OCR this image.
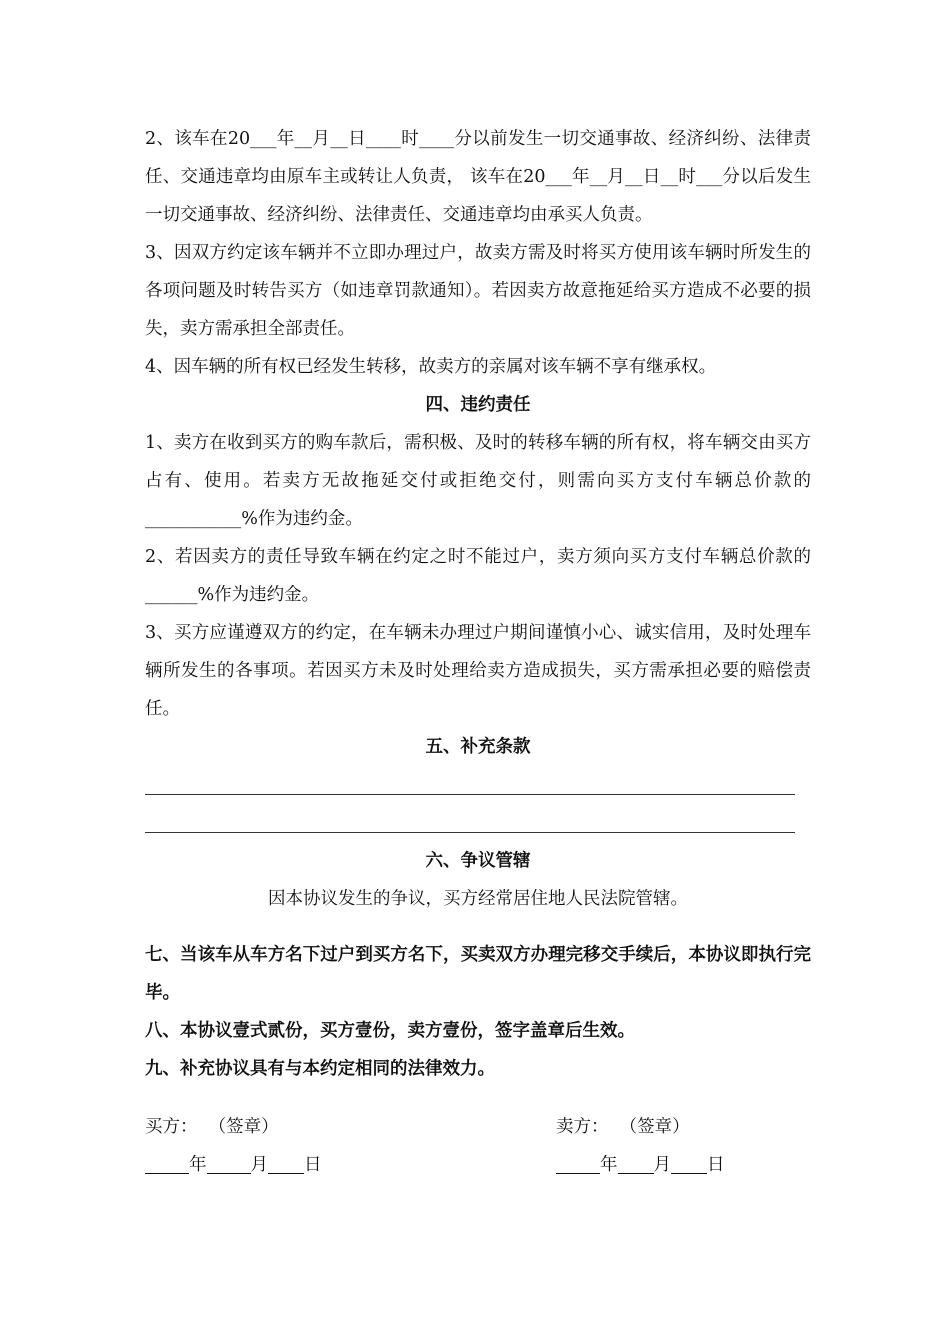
2、该车在20___年__月__日____时____分以前发生一切交通事故、经济纠纷、法律责任、交通违章均由原车主或转让人负责， 该车在20___年__月__日__时___分以后发生一切交通事故、经济纠纷、法律责任、交通违章均由承买人负责。

3、因双方约定该车辆并不立即办理过户，故卖方需及时将买方使用该车辆时所发生的各项问题及时转告买方（如违章罚款通知）。若因卖方故意拖延给买方造成不必要的损失，卖方需承担全部责任。

4、因车辆的所有权已经发生转移，故卖方的亲属对该车辆不享有继承权。

四、违约责任

1、卖方在收到买方的购车款后，需积极、及时的转移车辆的所有权，将车辆交由买方占有、使用。若卖方无故拖延交付或拒绝交付，则需向买方支付车辆总价款的___________%作为违约金。

2、若因卖方的责任导致车辆在约定之时不能过户，卖方须向买方支付车辆总价款的______%作为违约金。

3、买方应谨遵双方的约定，在车辆未办理过户期间谨慎小心、诚实信用，及时处理车辆所发生的各事项。若因买方未及时处理给卖方造成损失，买方需承担必要的赔偿责任。

五、补充条款

六、争议管辖

因本协议发生的争议，买方经常居住地人民法院管辖。

七、当该车从车方名下过户到买方名下，买卖双方办理完移交手续后，本协议即执行完毕。

八、本协议壹式贰份，买方壹份，卖方壹份，签字盖章后生效。

九、补充协议具有与本约定相同的法律效力。

买方：  （签章）

年	月 日

卖方：  （签章）

年 月 日
